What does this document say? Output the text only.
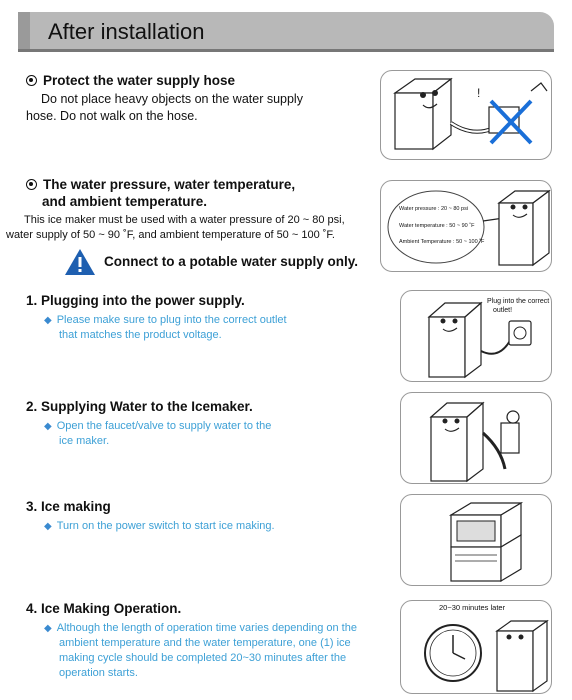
After installation
Protect the water supply hose
Do not place heavy objects on the water supply
hose. Do not walk on the hose.
!
The water pressure, water temperature,
and ambient temperature.
This ice maker must be used with a water pressure of 20 ~ 80 psi,
water supply of 50 ~ 90 ˚F, and ambient temperature of 50 ~ 100 ˚F.
Connect to a potable water supply only.
Water pressure : 20 ~ 80 psi
Water temperature : 50 ~ 90 ˚F
Ambient Temperature : 50 ~ 100 ˚F
1. Plugging into the power supply.
◆ Please make sure to plug into the correct outlet
that matches the product voltage.
Plug into the correct
outlet!
2. Supplying Water to the Icemaker.
◆ Open the faucet/valve to supply water to the
ice maker.
3. Ice making
◆ Turn on the power switch to start ice making.
4. Ice Making Operation.
◆ Although the length of operation time varies depending on the
ambient temperature and the water temperature, one (1) ice
making cycle should be completed 20~30 minutes after the
operation starts.
20~30 minutes later
